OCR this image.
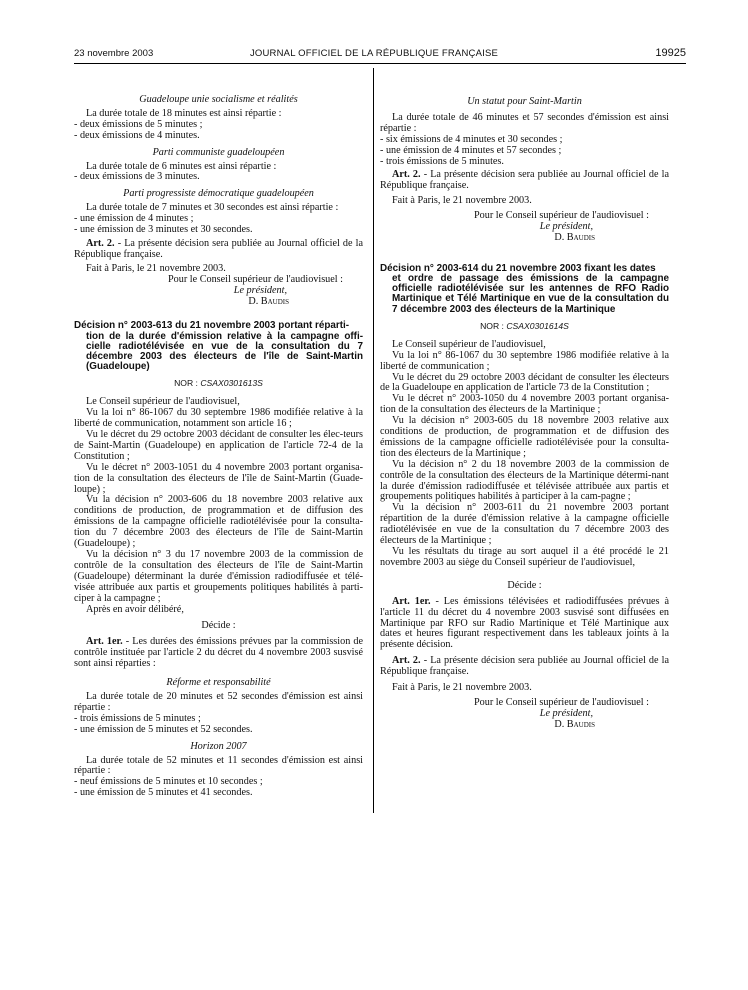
23 novembre 2003	JOURNAL OFFICIEL DE LA RÉPUBLIQUE FRANÇAISE	19925

Guadeloupe unie socialisme et réalités

La durée totale de 18 minutes est ainsi répartie :

- deux émissions de 5 minutes ;

- deux émissions de 4 minutes.

Parti communiste guadeloupéen

La durée totale de 6 minutes est ainsi répartie :

- deux émissions de 3 minutes.

Parti progressiste démocratique guadeloupéen

La durée totale de 7 minutes et 30 secondes est ainsi répartie :

- une émission de 4 minutes ;

- une émission de 3 minutes et 30 secondes.

Art. 2. - La présente décision sera publiée au Journal officiel de la République française.

Fait à Paris, le 21 novembre 2003.

Pour le Conseil supérieur de l'audiovisuel :

Le président,

D. Baudis

Décision n° 2003-613 du 21 novembre 2003 portant réparti-
tion de la durée d'émission relative à la campagne offi-cielle radiotélévisée en vue de la consultation du 7 décembre 2003 des électeurs de l'île de Saint-Martin (Guadeloupe)

NOR : CSAX0301613S

Le Conseil supérieur de l'audiovisuel,

Vu la loi n° 86-1067 du 30 septembre 1986 modifiée relative à la liberté de communication, notamment son article 16 ;

Vu le décret du 29 octobre 2003 décidant de consulter les élec-teurs de Saint-Martin (Guadeloupe) en application de l'article 72-4 de la Constitution ;

Vu le décret n° 2003-1051 du 4 novembre 2003 portant organisa-tion de la consultation des électeurs de l'île de Saint-Martin (Guade-loupe) ;

Vu la décision n° 2003-606 du 18 novembre 2003 relative aux conditions de production, de programmation et de diffusion des émissions de la campagne officielle radiotélévisée pour la consulta-tion du 7 décembre 2003 des électeurs de l'île de Saint-Martin (Guadeloupe) ;

Vu la décision n° 3 du 17 novembre 2003 de la commission de contrôle de la consultation des électeurs de l'île de Saint-Martin (Guadeloupe) déterminant la durée d'émission radiodiffusée et télé-visée attribuée aux partis et groupements politiques habilités à parti-ciper à la campagne ;

Après en avoir délibéré,

Décide :

Art. 1er. - Les durées des émissions prévues par la commission de contrôle instituée par l'article 2 du décret du 4 novembre 2003 susvisé sont ainsi réparties :

Réforme et responsabilité

La durée totale de 20 minutes et 52 secondes d'émission est ainsi répartie :

- trois émissions de 5 minutes ;

- une émission de 5 minutes et 52 secondes.

Horizon 2007

La durée totale de 52 minutes et 11 secondes d'émission est ainsi répartie :

- neuf émissions de 5 minutes et 10 secondes ;

- une émission de 5 minutes et 41 secondes.

Un statut pour Saint-Martin

La durée totale de 46 minutes et 57 secondes d'émission est ainsi répartie :

- six émissions de 4 minutes et 30 secondes ;

- une émission de 4 minutes et 57 secondes ;

- trois émissions de 5 minutes.

Art. 2. - La présente décision sera publiée au Journal officiel de la République française.

Fait à Paris, le 21 novembre 2003.

Pour le Conseil supérieur de l'audiovisuel :

Le président,

D. Baudis

Décision n° 2003-614 du 21 novembre 2003 fixant les dates
et ordre de passage des émissions de la campagne officielle radiotélévisée sur les antennes de RFO Radio Martinique et Télé Martinique en vue de la consultation du 7 décembre 2003 des électeurs de la Martinique

NOR : CSAX0301614S

Le Conseil supérieur de l'audiovisuel,

Vu la loi n° 86-1067 du 30 septembre 1986 modifiée relative à la liberté de communication ;

Vu le décret du 29 octobre 2003 décidant de consulter les électeurs de la Guadeloupe en application de l'article 73 de la Constitution ;

Vu le décret n° 2003-1050 du 4 novembre 2003 portant organisa-tion de la consultation des électeurs de la Martinique ;

Vu la décision n° 2003-605 du 18 novembre 2003 relative aux conditions de production, de programmation et de diffusion des émissions de la campagne officielle radiotélévisée pour la consulta-tion des électeurs de la Martinique ;

Vu la décision n° 2 du 18 novembre 2003 de la commission de contrôle de la consultation des électeurs de la Martinique détermi-nant la durée d'émission radiodiffusée et télévisée attribuée aux partis et groupements politiques habilités à participer à la cam-pagne ;

Vu la décision n° 2003-611 du 21 novembre 2003 portant répartition de la durée d'émission relative à la campagne officielle radiotélévisée en vue de la consultation du 7 décembre 2003 des électeurs de la Martinique ;

Vu les résultats du tirage au sort auquel il a été procédé le 21 novembre 2003 au siège du Conseil supérieur de l'audiovisuel,

Décide :

Art. 1er. - Les émissions télévisées et radiodiffusées prévues à l'article 11 du décret du 4 novembre 2003 susvisé sont diffusées en Martinique par RFO sur Radio Martinique et Télé Martinique aux dates et heures figurant respectivement dans les tableaux joints à la présente décision.

Art. 2. - La présente décision sera publiée au Journal officiel de la République française.

Fait à Paris, le 21 novembre 2003.

Pour le Conseil supérieur de l'audiovisuel :

Le président,

D. Baudis
